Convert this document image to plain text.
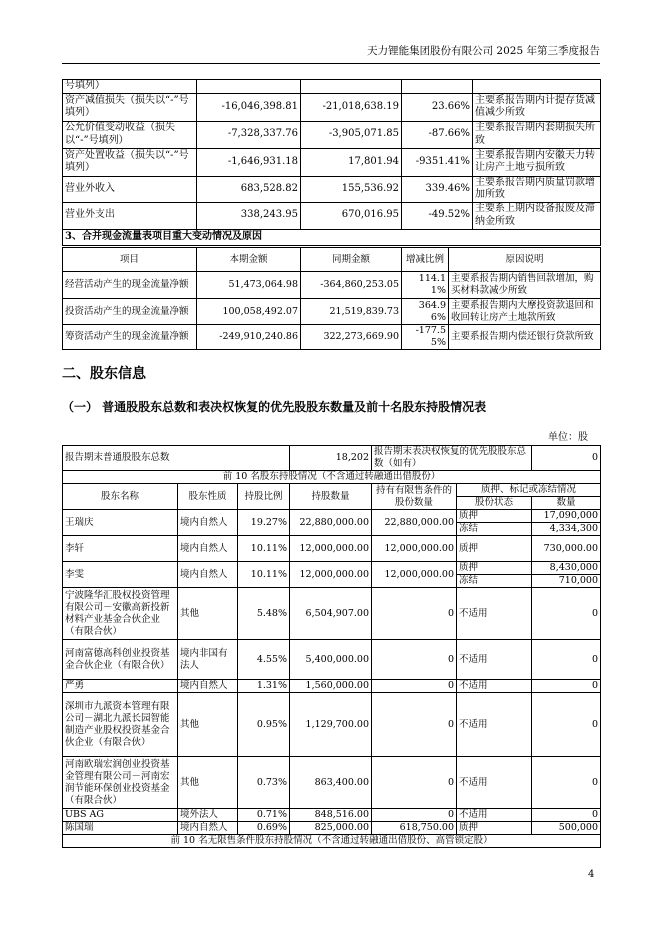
天力锂能集团股份有限公司 2025 年第三季度报告
号填列）				
资产减值损失（损失以“-”号填列）	-16,046,398.81	-21,018,638.19	23.66%	主要系报告期内计提存货减值减少所致
公允价值变动收益（损失以“-”号填列）	-7,328,337.76	-3,905,071.85	-87.66%	主要系报告期内套期损失所致
资产处置收益（损失以“-”号填列）	-1,646,931.18	17,801.94	-9351.41%	主要系报告期内安徽天力转让房产土地亏损所致
营业外收入	683,528.82	155,536.92	339.46%	主要系报告期内质量罚款增加所致
营业外支出	338,243.95	670,016.95	-49.52%	主要系上期内设备报废及滞纳金所致
3、合并现金流量表项目重大变动情况及原因				
项目	本期金额	同期金额	增减比例	原因说明
经营活动产生的现金流量净额	51,473,064.98	-364,860,253.05	114.11%	主要系报告期内销售回款增加，购买材料款减少所致
投资活动产生的现金流量净额	100,058,492.07	21,519,839.73	364.96%	主要系报告期内大摩投资款退回和收回转让房产土地款所致
筹资活动产生的现金流量净额	-249,910,240.86	322,273,669.90	-177.55%	主要系报告期内偿还银行贷款所致
二、股东信息
（一） 普通股股东总数和表决权恢复的优先股股东数量及前十名股东持股情况表
单位：股
报告期末普通股股东总数			18,202	报告期末表决权恢复的优先股股东总数（如有）		0
前 10 名股东持股情况（不含通过转融通出借股份）						
股东名称	股东性质	持股比例	持股数量	持有有限售条件的股份数量	质押、标记或冻结情况	
					股份状态	数量
王瑞庆	境内自然人	19.27%	22,880,000.00	22,880,000.00	质押	17,090,000
					冻结	4,334,300
李轩	境内自然人	10.11%	12,000,000.00	12,000,000.00	质押	730,000.00
李雯	境内自然人	10.11%	12,000,000.00	12,000,000.00	质押	8,430,000
					冻结	710,000
宁波隆华汇股权投资管理有限公司－安徽高新投新材料产业基金合伙企业（有限合伙）	其他	5.48%	6,504,907.00	0	不适用	0
河南富德高科创业投资基金合伙企业（有限合伙）	境内非国有法人	4.55%	5,400,000.00	0	不适用	0
严勇	境内自然人	1.31%	1,560,000.00	0	不适用	0
深圳市九派资本管理有限公司－湖北九派长园智能制造产业股权投资基金合伙企业（有限合伙）	其他	0.95%	1,129,700.00	0	不适用	0
河南欧瑞宏润创业投资基金管理有限公司－河南宏润节能环保创业投资基金（有限合伙）	其他	0.73%	863,400.00	0	不适用	0
UBS AG	境外法人	0.71%	848,516.00	0	不适用	0
陈国瑞	境内自然人	0.69%	825,000.00	618,750.00	质押	500,000
前 10 名无限售条件股东持股情况（不含通过转融通出借股份、高管锁定股）						
4
